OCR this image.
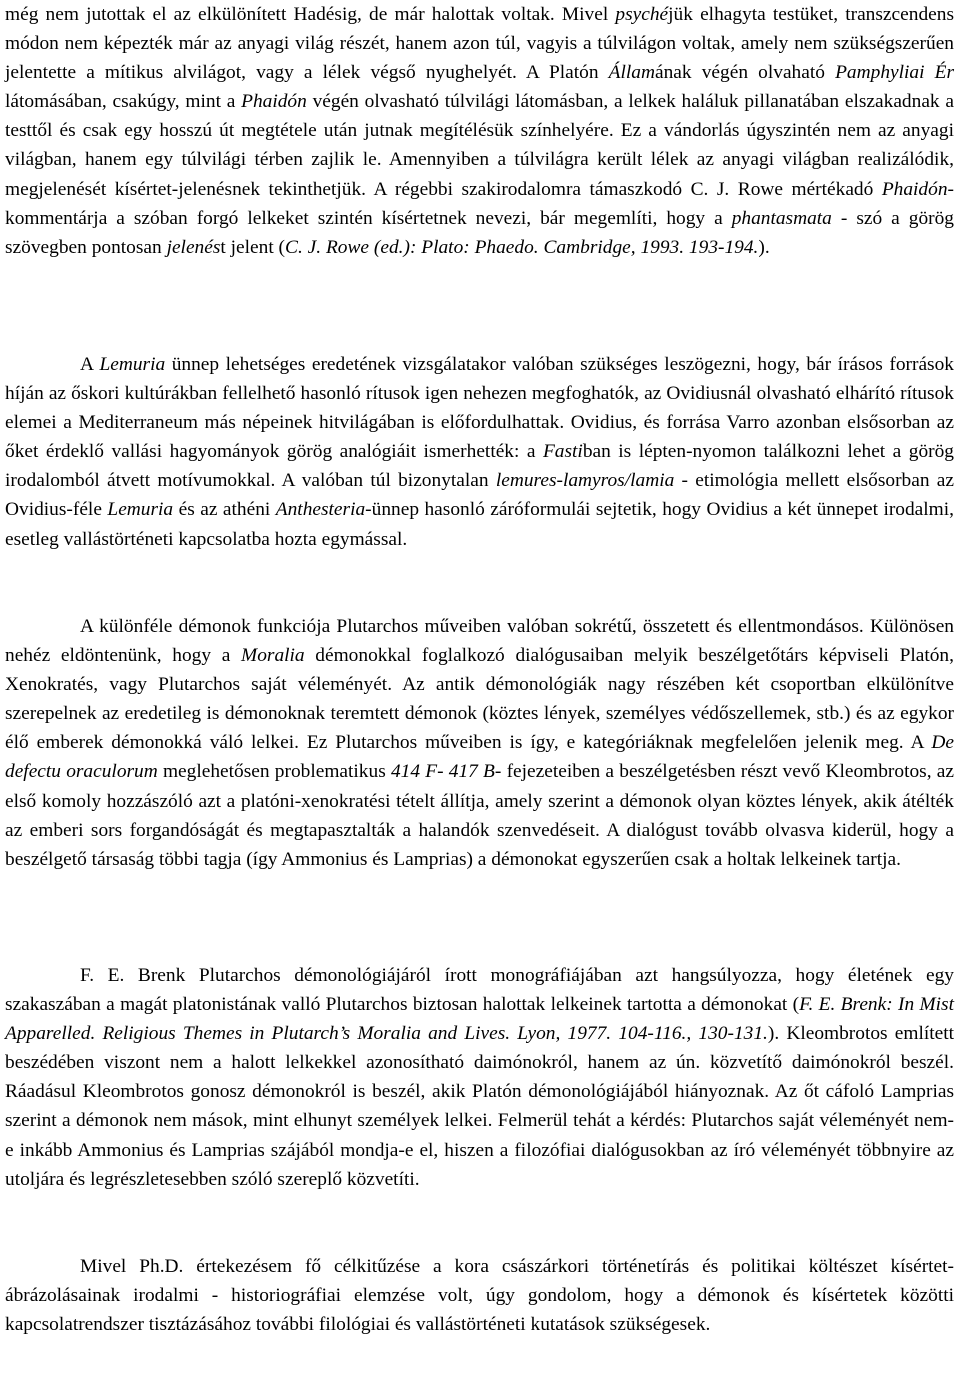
még nem jutottak el az elkülönített Hadésig, de már halottak voltak. Mivel psychéjük elhagyta testüket, transzcendens módon nem képezték már az anyagi világ részét, hanem azon túl, vagyis a túlvilágon voltak, amely nem szükségszerűen jelentette a mítikus alvilágot, vagy a lélek végső nyughelyét. A Platón Államának végén olvaható Pamphyliai Ér látomásában, csakúgy, mint a Phaidón végén olvasható túlvilági látomásban, a lelkek haláluk pillanatában elszakadnak a testtől és csak egy hosszú út megtétele után jutnak megítélésük színhelyére. Ez a vándorlás úgyszintén nem az anyagi világban, hanem egy túlvilági térben zajlik le. Amennyiben a túlvilágra került lélek az anyagi világban realizálódik, megjelenését kísértet-jelenésnek tekinthetjük. A régebbi szakirodalomra támaszkodó C. J. Rowe mértékadó Phaidón-kommentárja a szóban forgó lelkeket szintén kísértetnek nevezi, bár megemlíti, hogy a phantasmata - szó a görög szövegben pontosan jelenést jelent (C. J. Rowe (ed.): Plato: Phaedo. Cambridge, 1993. 193-194.).

A Lemuria ünnep lehetséges eredetének vizsgálatakor valóban szükséges leszögezni, hogy, bár írásos források híján az őskori kultúrákban fellelhető hasonló rítusok igen nehezen megfoghatók, az Ovidiusnál olvasható elhárító rítusok elemei a Mediterraneum más népeinek hitvilágában is előfordulhattak. Ovidius, és forrása Varro azonban elsősorban az őket érdeklő vallási hagyományok görög analógiáit ismerhették: a Fastiban is lépten-nyomon találkozni lehet a görög irodalomból átvett motívumokkal. A valóban túl bizonytalan lemures-lamyros/lamia - etimológia mellett elsősorban az Ovidius-féle Lemuria és az athéni Anthesteria-ünnep hasonló záróformulái sejtetik, hogy Ovidius a két ünnepet irodalmi, esetleg vallástörténeti kapcsolatba hozta egymással.

A különféle démonok funkciója Plutarchos műveiben valóban sokrétű, összetett és ellentmondásos. Különösen nehéz eldöntenünk, hogy a Moralia démonokkal foglalkozó dialógusaiban melyik beszélgetőtárs képviseli Platón, Xenokratés, vagy Plutarchos saját véleményét. Az antik démonológiák nagy részében két csoportban elkülönítve szerepelnek az eredetileg is démonoknak teremtett démonok (köztes lények, személyes védőszellemek, stb.) és az egykor élő emberek démonokká váló lelkei. Ez Plutarchos műveiben is így, e kategóriáknak megfelelően jelenik meg. A De defectu oraculorum meglehetősen problematikus 414 F- 417 B- fejezeteiben a beszélgetésben részt vevő Kleombrotos, az első komoly hozzászóló azt a platóni-xenokratési tételt állítja, amely szerint a démonok olyan köztes lények, akik átélték az emberi sors forgandóságát és megtapasztalták a halandók szenvedéseit. A dialógust tovább olvasva kiderül, hogy a beszélgető társaság többi tagja (így Ammonius és Lamprias) a démonokat egyszerűen csak a holtak lelkeinek tartja.

F. E. Brenk Plutarchos démonológiájáról írott monográfiájában azt hangsúlyozza, hogy életének egy szakaszában a magát platonistának valló Plutarchos biztosan halottak lelkeinek tartotta a démonokat (F. E. Brenk: In Mist Apparelled. Religious Themes in Plutarch’s Moralia and Lives. Lyon, 1977. 104-116., 130-131.). Kleombrotos említett beszédében viszont nem a halott lelkekkel azonosítható daimónokról, hanem az ún. közvetítő daimónokról beszél. Ráadásul Kleombrotos gonosz démonokról is beszél, akik Platón démonológiájából hiányoznak. Az őt cáfoló Lamprias szerint a démonok nem mások, mint elhunyt személyek lelkei. Felmerül tehát a kérdés: Plutarchos saját véleményét nem-e inkább Ammonius és Lamprias szájából mondja-e el, hiszen a filozófiai dialógusokban az író véleményét többnyire az utoljára és legrészletesebben szóló szereplő közvetíti.

Mivel Ph.D. értekezésem fő célkitűzése a kora császárkori történetírás és politikai költészet kísértet-ábrázolásainak irodalmi - historiográfiai elemzése volt, úgy gondolom, hogy a démonok és kísértetek közötti kapcsolatrendszer tisztázásához további filológiai és vallástörténeti kutatások szükségesek.
